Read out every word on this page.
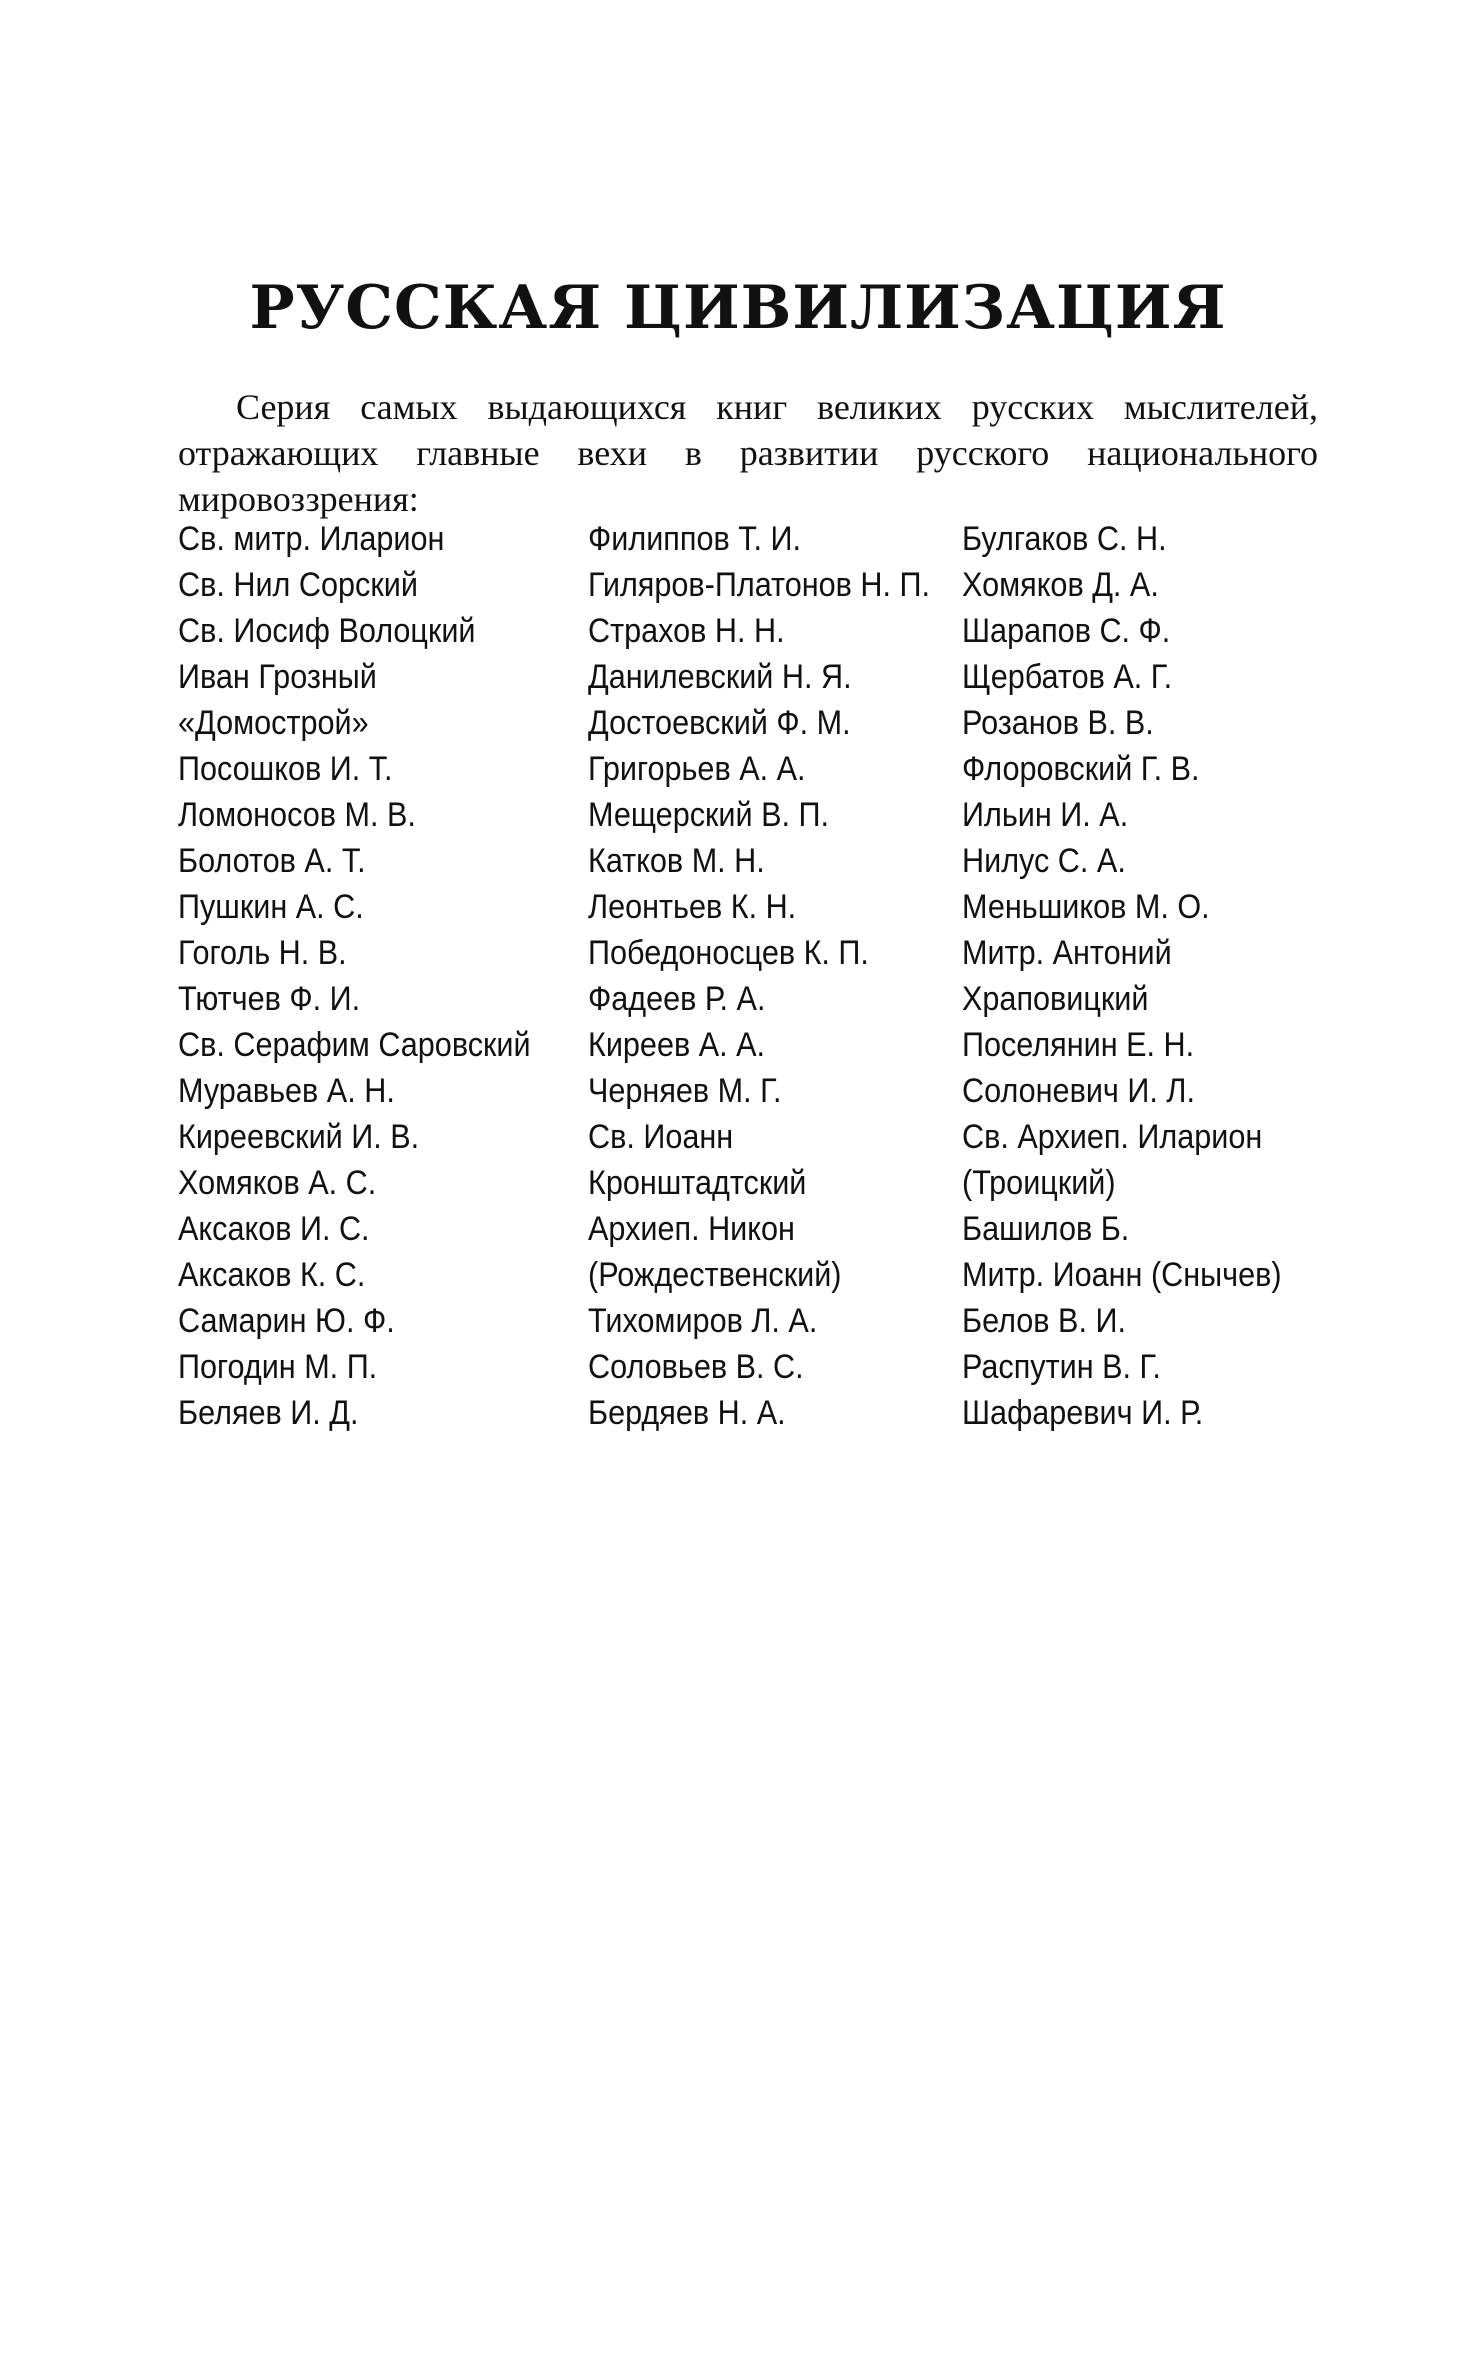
РУССКАЯ ЦИВИЛИЗАЦИЯ

Серия самых выдающихся книг великих русских мыслителей,
отражающих главные вехи в развитии русского национального
мировоззрения:

Св. митр. Иларион
Св. Нил Сорский
Св. Иосиф Волоцкий
Иван Грозный
«Домострой»
Посошков И. Т.
Ломоносов М. В.
Болотов А. Т.
Пушкин А. С.
Гоголь Н. В.
Тютчев Ф. И.
Св. Серафим Саровский
Муравьев А. Н.
Киреевский И. В.
Хомяков А. С.
Аксаков И. С.
Аксаков К. С.
Самарин Ю. Ф.
Погодин М. П.
Беляев И. Д.
Филиппов Т. И.
Гиляров-Платонов Н. П.
Страхов Н. Н.
Данилевский Н. Я.
Достоевский Ф. М.
Григорьев А. А.
Мещерский В. П.
Катков М. Н.
Леонтьев К. Н.
Победоносцев К. П.
Фадеев Р. А.
Киреев А. А.
Черняев М. Г.
Св. Иоанн
Кронштадтский
Архиеп. Никон
(Рождественский)
Тихомиров Л. А.
Соловьев В. С.
Бердяев Н. А.
Булгаков С. Н.
Хомяков Д. А.
Шарапов С. Ф.
Щербатов А. Г.
Розанов В. В.
Флоровский Г. В.
Ильин И. А.
Нилус С. А.
Меньшиков М. О.
Митр. Антоний
Храповицкий
Поселянин Е. Н.
Солоневич И. Л.
Св. Архиеп. Иларион
(Троицкий)
Башилов Б.
Митр. Иоанн (Снычев)
Белов В. И.
Распутин В. Г.
Шафаревич И. Р.
